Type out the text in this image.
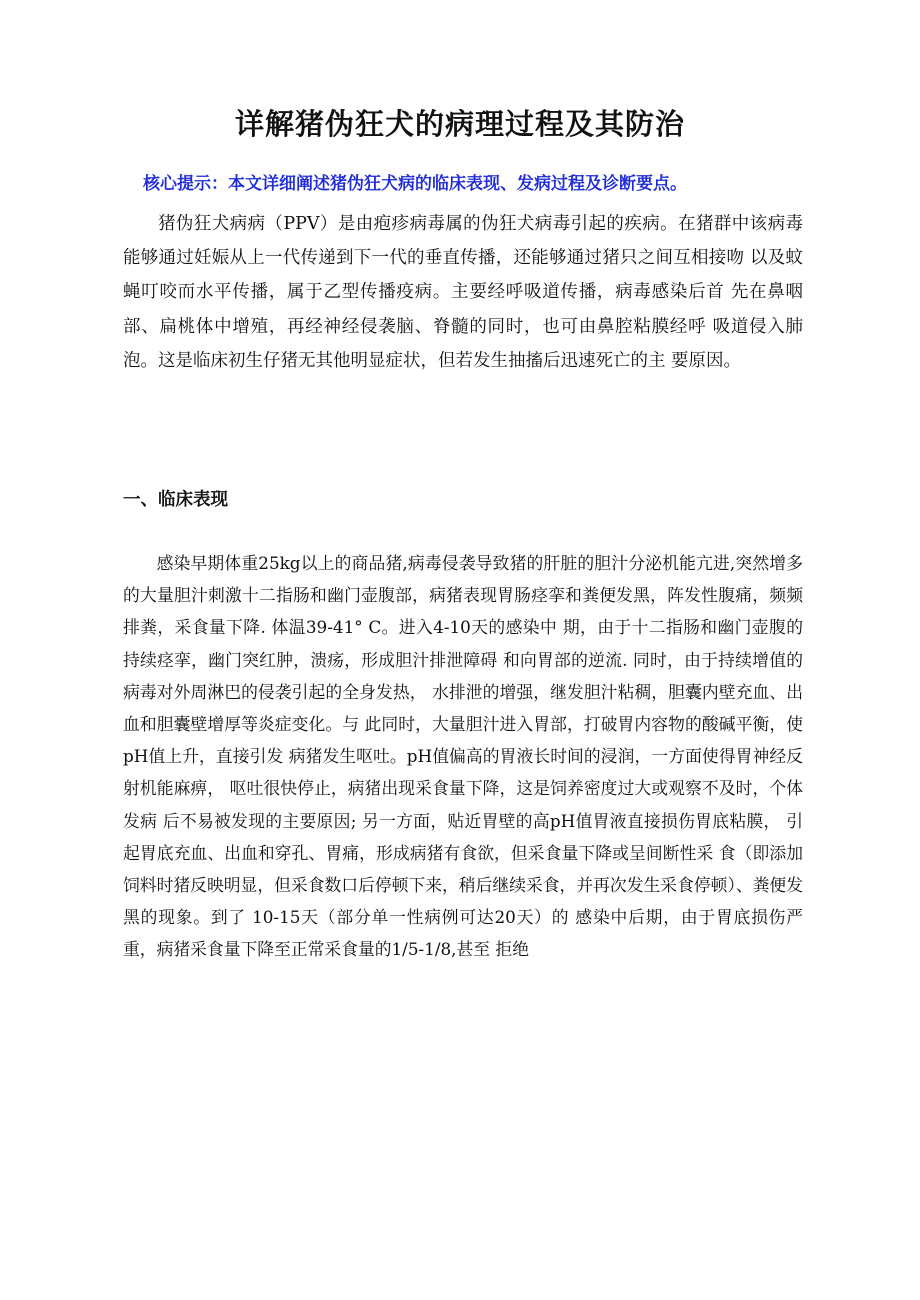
详解猪伪狂犬的病理过程及其防治
核心提示：本文详细阐述猪伪狂犬病的临床表现、发病过程及诊断要点。
猪伪狂犬病病（PPV）是由疱疹病毒属的伪狂犬病毒引起的疾病。在猪群中该病毒能够通过妊娠从上一代传递到下一代的垂直传播，还能够通过猪只之间互相接吻 以及蚊蝇叮咬而水平传播，属于乙型传播疫病。主要经呼吸道传播，病毒感染后首 先在鼻咽部、扁桃体中增殖，再经神经侵袭脑、脊髓的同时，也可由鼻腔粘膜经呼 吸道侵入肺泡。这是临床初生仔猪无其他明显症状，但若发生抽搐后迅速死亡的主 要原因。
一、临床表现
感染早期体重25kg以上的商品猪,病毒侵袭导致猪的肝脏的胆汁分泌机能亢进,突然增多的大量胆汁刺激十二指肠和幽门壶腹部，病猪表现胃肠痉挛和粪便发黑，阵发性腹痛，频频排粪，采食量下降. 体温39-41° C。进入4-10天的感染中 期，由于十二指肠和幽门壶腹的持续痉挛，幽门突红肿，溃疡，形成胆汁排泄障碍 和向胃部的逆流. 同时，由于持续增值的病毒对外周淋巴的侵袭引起的全身发热， 水排泄的增强，继发胆汁粘稠，胆囊内壁充血、出血和胆囊壁增厚等炎症变化。与 此同时，大量胆汁进入胃部，打破胃内容物的酸碱平衡，使pH值上升，直接引发 病猪发生呕吐。pH值偏高的胃液长时间的浸润，一方面使得胃神经反射机能麻痹， 呕吐很快停止，病猪出现采食量下降，这是饲养密度过大或观察不及时，个体发病 后不易被发现的主要原因; 另一方面，贴近胃壁的高pH值胃液直接损伤胃底粘膜， 引起胃底充血、出血和穿孔、胃痛，形成病猪有食欲，但采食量下降或呈间断性采 食（即添加饲料时猪反映明显，但采食数口后停顿下来，稍后继续采食，并再次发生采食停顿）、粪便发黑的现象。到了 10-15天（部分单一性病例可达20天）的 感染中后期，由于胃底损伤严重，病猪采食量下降至正常采食量的1/5-1/8,甚至 拒绝
